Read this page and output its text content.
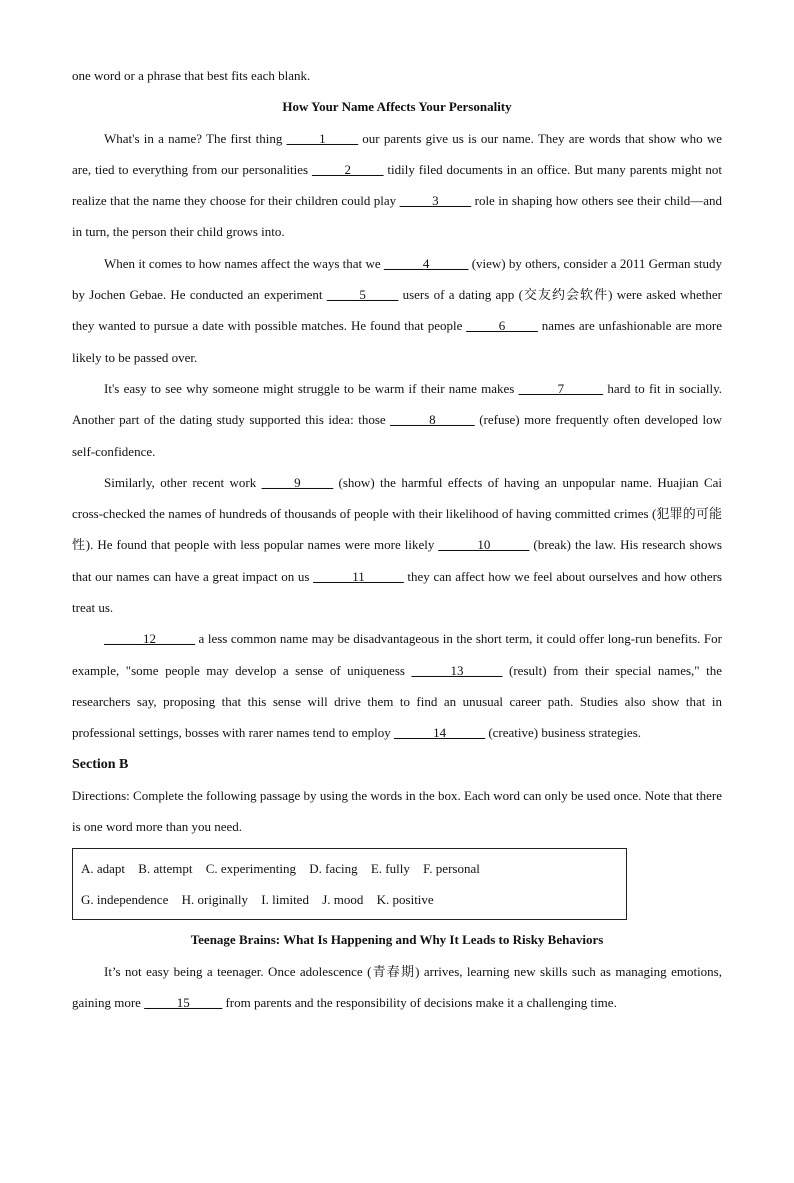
one word or a phrase that best fits each blank.

How Your Name Affects Your Personality

What's in a name? The first thing _____1_____ our parents give us is our name. They are words that show who we are, tied to everything from our personalities _____2_____ tidily filed documents in an office. But many parents might not realize that the name they choose for their children could play _____3_____ role in shaping how others see their child—and in turn, the person their child grows into.

When it comes to how names affect the ways that we ______4______ (view) by others, consider a 2011 German study by Jochen Gebae. He conducted an experiment _____5_____ users of a dating app (交友约会软件) were asked whether they wanted to pursue a date with possible matches. He found that people _____6_____ names are unfashionable are more likely to be passed over.

It's easy to see why someone might struggle to be warm if their name makes ______7______ hard to fit in socially. Another part of the dating study supported this idea: those ______8______ (refuse) more frequently often developed low self-confidence.

Similarly, other recent work _____9_____ (show) the harmful effects of having an unpopular name. Huajian Cai cross-checked the names of hundreds of thousands of people with their likelihood of having committed crimes (犯罪的可能性). He found that people with less popular names were more likely ______10______ (break) the law. His research shows that our names can have a great impact on us ______11______ they can affect how we feel about ourselves and how others treat us.

______12______ a less common name may be disadvantageous in the short term, it could offer long-run benefits. For example, "some people may develop a sense of uniqueness ______13______ (result) from their special names," the researchers say, proposing that this sense will drive them to find an unusual career path. Studies also show that in professional settings, bosses with rarer names tend to employ ______14______ (creative) business strategies.

Section B

Directions: Complete the following passage by using the words in the box. Each word can only be used once. Note that there is one word more than you need.

A. adapt B. attempt C. experimenting D. facing E. fully F. personal
G. independence H. originally I. limited J. mood K. positive

Teenage Brains: What Is Happening and Why It Leads to Risky Behaviors

It’s not easy being a teenager. Once adolescence (青春期) arrives, learning new skills such as managing emotions, gaining more _____15_____ from parents and the responsibility of decisions make it a challenging time.
